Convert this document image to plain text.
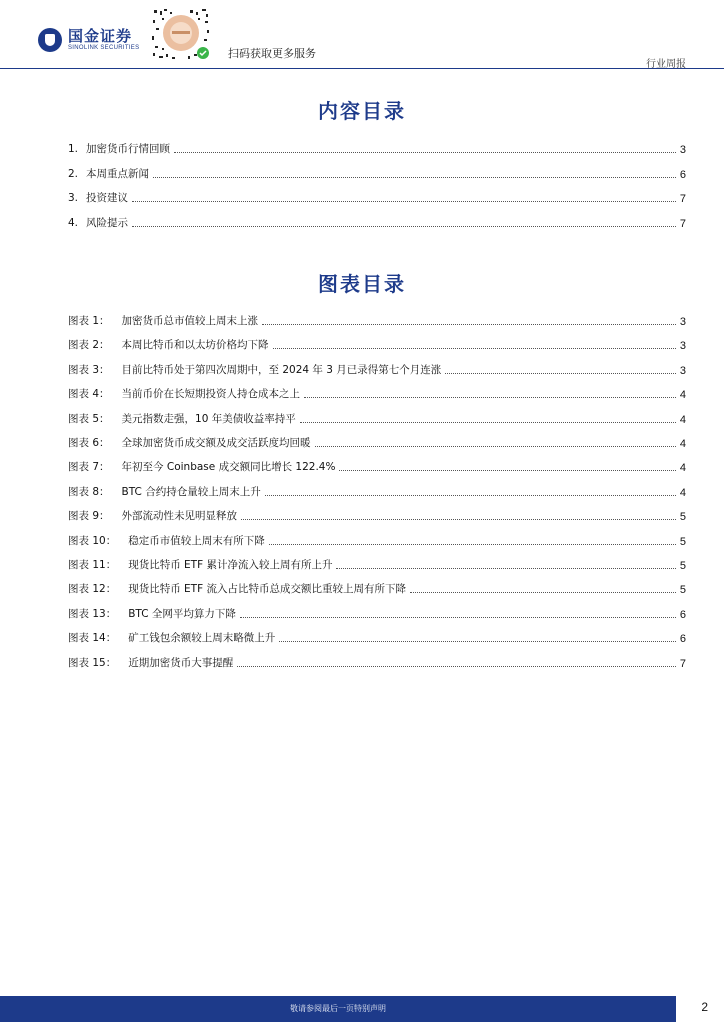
国金证券
SINOLINK SECURITIES	扫码获取更多服务
行业周报
内容目录
1. 加密货币行情回顾	3
2. 本周重点新闻	6
3. 投资建议	7
4. 风险提示	7
图表目录
图表 1： 加密货币总市值较上周末上涨	3
图表 2： 本周比特币和以太坊价格均下降	3
图表 3： 目前比特币处于第四次周期中，至 2024 年 3 月已录得第七个月连涨	3
图表 4： 当前币价在长短期投资人持仓成本之上	4
图表 5： 美元指数走强，10 年美债收益率持平	4
图表 6： 全球加密货币成交额及成交活跃度均回暖	4
图表 7： 年初至今 Coinbase 成交额同比增长 122.4%	4
图表 8： BTC 合约持仓量较上周末上升	4
图表 9： 外部流动性未见明显释放	5
图表 10： 稳定币市值较上周末有所下降	5
图表 11： 现货比特币 ETF 累计净流入较上周有所上升	5
图表 12： 现货比特币 ETF 流入占比特币总成交额比重较上周有所下降	5
图表 13： BTC 全网平均算力下降	6
图表 14： 矿工钱包余额较上周末略微上升	6
图表 15： 近期加密货币大事提醒	7
敬请参阅最后一页特别声明	2
